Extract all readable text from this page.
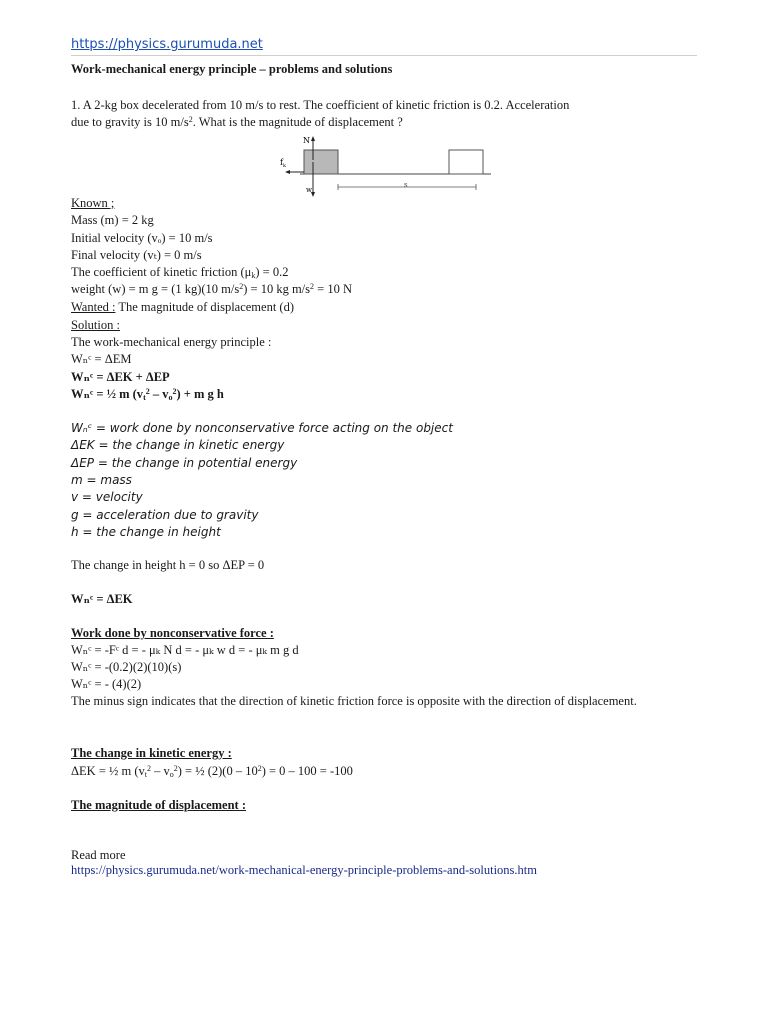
https://physics.gurumuda.net
Work-mechanical energy principle – problems and solutions
1. A 2-kg box decelerated from 10 m/s to rest. The coefficient of kinetic friction is 0.2. Acceleration
due to gravity is 10 $m/s^2$. What is the magnitude of displacement ?
N
w
$f_k$
s
Known ;
Mass (m) = 2 kg
Initial velocity (vₒ) = 10 m/s
Final velocity (vₜ) = 0 m/s
The coefficient of kinetic friction $(\mu_k) = 0.2$
weight (w) = m g = (1 kg)(10 $m/s^2) = 10$ kg $m/s^2 = 10$ N
Wanted : The magnitude of displacement (d)
Solution :
The work-mechanical energy principle :
Wₙᶜ = ΔEM
Wₙᶜ = ΔEK + ΔEP
Wₙᶜ = ½ m $(v_t^2 - v_o^2) + m$ g h
Wₙᶜ = work done by nonconservative force acting on the object
ΔEK = the change in kinetic energy
ΔEP = the change in potential energy
m = mass
v = velocity
g = acceleration due to gravity
h = the change in height
The change in height h = 0 so ΔEP = 0
Wₙᶜ = ΔEK
Work done by nonconservative force :
Wₙᶜ = -Fᶜ d = - μₖ N d = - μₖ w d = - μₖ m g d
Wₙᶜ = -(0.2)(2)(10)(s)
Wₙᶜ = - (4)(2)
The minus sign indicates that the direction of kinetic friction force is opposite with the direction of displacement.
The change in kinetic energy :
ΔEK = ½ m $(v_t^2 - v_o^2)$ = ½ $(2)(0 - 10^2) = 0 - 100 = -100$
The magnitude of displacement :
Read more
https://physics.gurumuda.net/work-mechanical-energy-principle-problems-and-solutions.htm
